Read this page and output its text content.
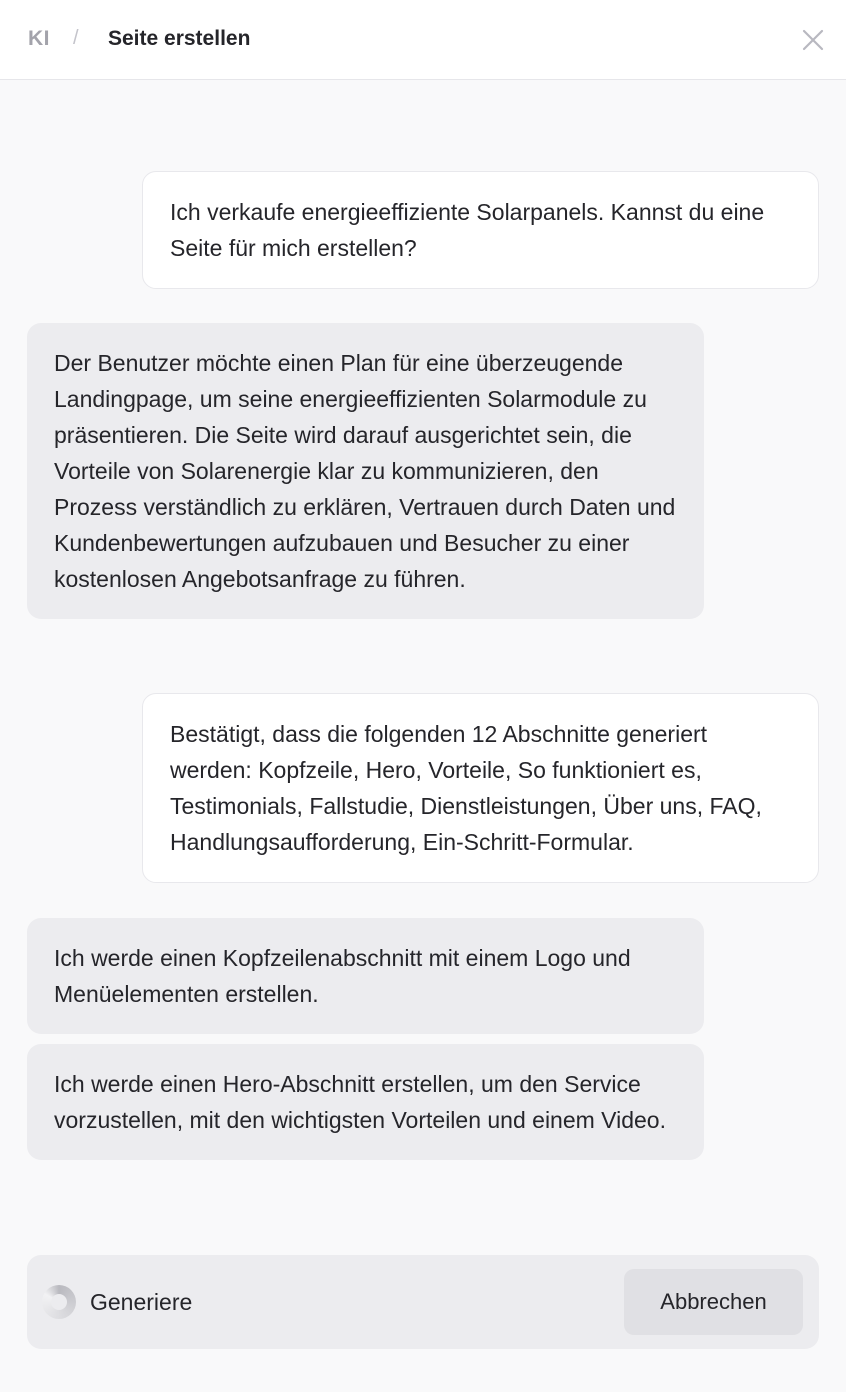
KI / Seite erstellen
Ich verkaufe energieeffiziente Solarpanels. Kannst du eine Seite für mich erstellen?
Der Benutzer möchte einen Plan für eine überzeugende Landingpage, um seine energieeffizienten Solarmodule zu präsentieren. Die Seite wird darauf ausgerichtet sein, die Vorteile von Solarenergie klar zu kommunizieren, den Prozess verständlich zu erklären, Vertrauen durch Daten und Kundenbewertungen aufzubauen und Besucher zu einer kostenlosen Angebotsanfrage zu führen.
Bestätigt, dass die folgenden 12 Abschnitte generiert werden: Kopfzeile, Hero, Vorteile, So funktioniert es, Testimonials, Fallstudie, Dienstleistungen, Über uns, FAQ, Handlungsaufforderung, Ein-Schritt-Formular.
Ich werde einen Kopfzeilenabschnitt mit einem Logo und Menüelementen erstellen.
Ich werde einen Hero-Abschnitt erstellen, um den Service vorzustellen, mit den wichtigsten Vorteilen und einem Video.
Generiere	Abbrechen
